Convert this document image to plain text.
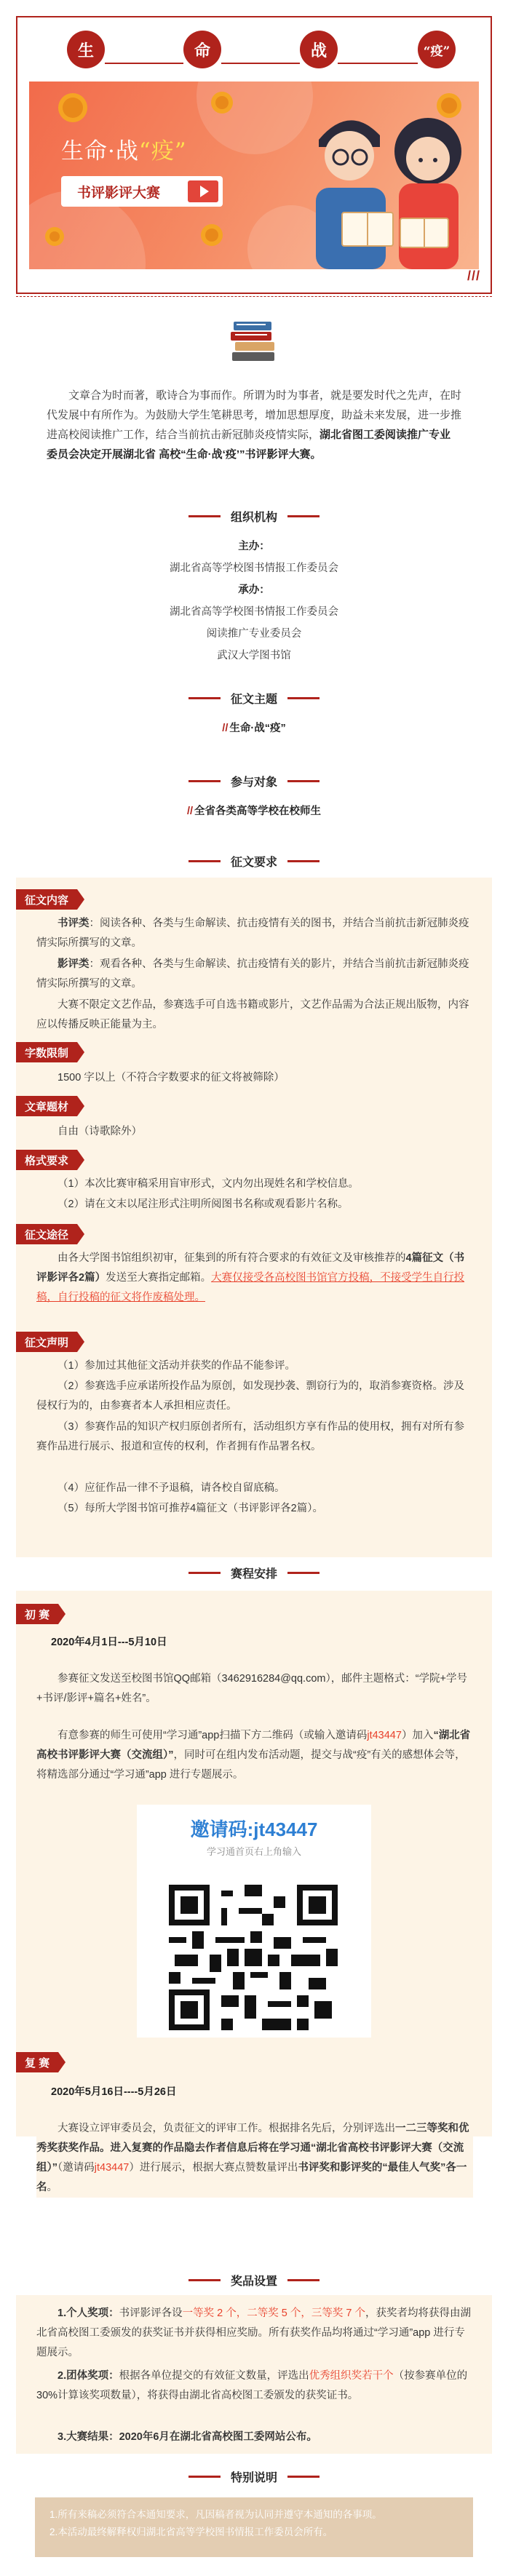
生	命	战	“疫”
生命·战“疫”
书评影评大赛
///
文章合为时而著，歌诗合为事而作。所谓为时为事者，就是要发时代之先声，在时代发展中有所作为。为鼓励大学生笔耕思考，增加思想厚度，助益未来发展，进一步推进高校阅读推广工作，结合当前抗击新冠肺炎疫情实际，湖北省图工委阅读推广专业委员会决定开展湖北省 高校“生命·战‘疫’”书评影评大赛。
组织机构
主办：
湖北省高等学校图书情报工作委员会
承办：
湖北省高等学校图书情报工作委员会
阅读推广专业委员会
武汉大学图书馆
征文主题
// 生命·战“疫”
参与对象
// 全省各类高等学校在校师生
征文要求
征文内容
书评类：阅读各种、各类与生命解读、抗击疫情有关的图书，并结合当前抗击新冠肺炎疫情实际所撰写的文章。
影评类：观看各种、各类与生命解读、抗击疫情有关的影片，并结合当前抗击新冠肺炎疫情实际所撰写的文章。
大赛不限定文艺作品，参赛选手可自选书籍或影片，文艺作品需为合法正规出版物，内容应以传播反映正能量为主。
字数限制
1500 字以上（不符合字数要求的征文将被筛除）
文章题材
自由（诗歌除外）
格式要求
（1）本次比赛审稿采用盲审形式，文内勿出现姓名和学校信息。
（2）请在文末以尾注形式注明所阅图书名称或观看影片名称。
征文途径
由各大学图书馆组织初审，征集到的所有符合要求的有效征文及审核推荐的4篇征文（书评影评各2篇）发送至大赛指定邮箱。大赛仅接受各高校图书馆官方投稿，不接受学生自行投稿，自行投稿的征文将作废稿处理。
征文声明
（1）参加过其他征文活动并获奖的作品不能参评。
（2）参赛选手应承诺所投作品为原创，如发现抄袭、剽窃行为的，取消参赛资格。涉及侵权行为的，由参赛者本人承担相应责任。
（3）参赛作品的知识产权归原创者所有，活动组织方享有作品的使用权，拥有对所有参 赛作品进行展示、报道和宣传的权利，作者拥有作品署名权。
（4）应征作品一律不予退稿，请各校自留底稿。
（5）每所大学图书馆可推荐4篇征文（书评影评各2篇）。
赛程安排
初 赛
2020年4月1日---5月10日
参赛征文发送至校图书馆QQ邮箱（3462916284@qq.com），邮件主题格式：“学院+学号+书评/影评+篇名+姓名”。
有意参赛的师生可使用“学习通”app扫描下方二维码（或输入邀请码jt43447）加入“湖北省高校书评影评大赛（交流组）”，同时可在组内发布活动题，提交与战“疫”有关的感想体会等，将精选部分通过“学习通”app 进行专题展示。
邀请码:jt43447
学习通首页右上角输入
复 赛
2020年5月16日----5月26日
大赛设立评审委员会，负责征文的评审工作。根据排名先后，分别评选出一二三等奖和优秀奖获奖作品。进入复赛的作品隐去作者信息后将在学习通“湖北省高校书评影评大赛（交流组）”（邀请码jt43447）进行展示，根据大赛点赞数量评出书评奖和影评奖的“最佳人气奖”各一名。
奖品设置
1.个人奖项：书评影评各设一等奖 2 个，二等奖 5 个，三等奖 7 个，获奖者均将获得由湖北省高校图工委颁发的获奖证书并获得相应奖励。所有获奖作品均将通过“学习通”app 进行专题展示。
2.团体奖项：根据各单位提交的有效征文数量，评选出优秀组织奖若干个（按参赛单位的30%计算该奖项数量），将获得由湖北省高校图工委颁发的获奖证书。
3.大赛结果：2020年6月在湖北省高校图工委网站公布。
特别说明
1.所有来稿必须符合本通知要求，凡因稿者视为认同并遵守本通知的各事项。
2.本活动最终解释权归湖北省高等学校图书情报工作委员会所有。
